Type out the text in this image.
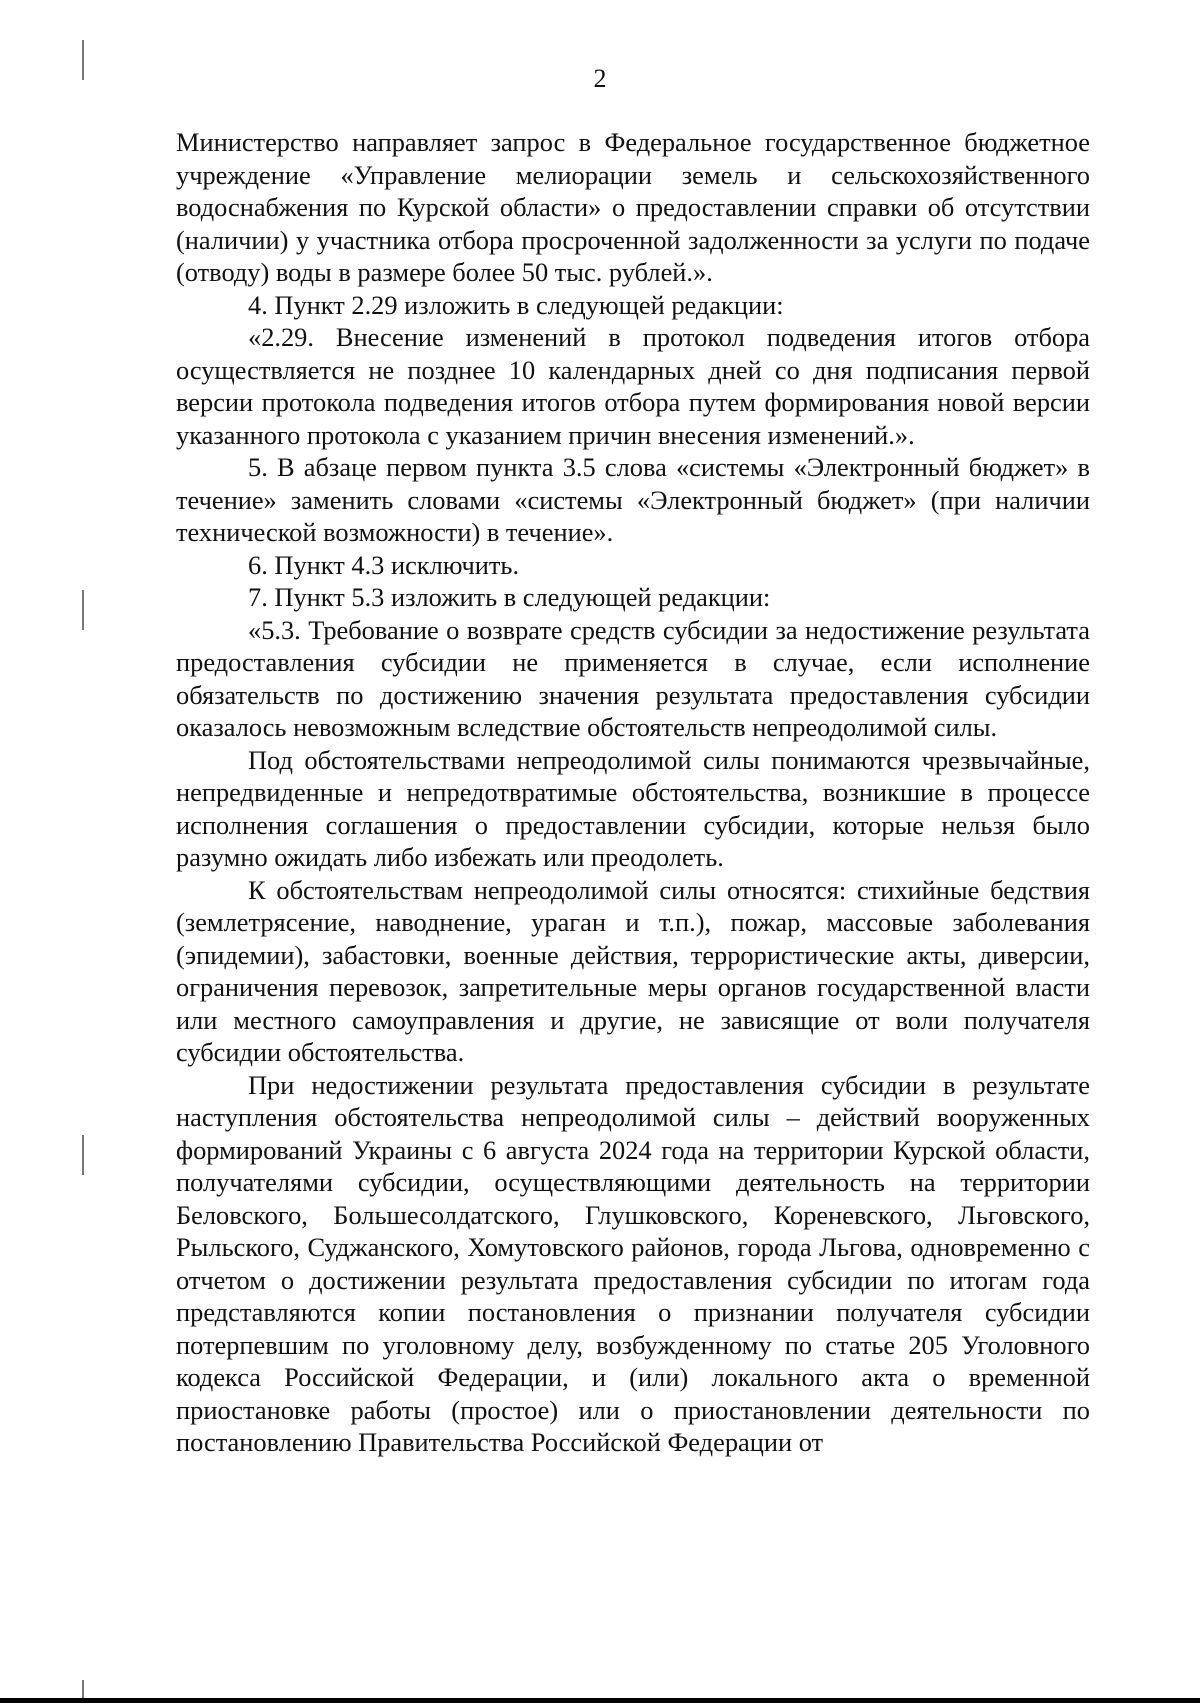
2

Министерство направляет запрос в Федеральное государственное бюджетное учреждение «Управление мелиорации земель и сельскохозяйственного водоснабжения по Курской области» о предоставлении справки об отсутствии (наличии) у участника отбора просроченной задолженности за услуги по подаче (отводу) воды в размере более 50 тыс. рублей.».

4. Пункт 2.29 изложить в следующей редакции:

«2.29. Внесение изменений в протокол подведения итогов отбора осуществляется не позднее 10 календарных дней со дня подписания первой версии протокола подведения итогов отбора путем формирования новой версии указанного протокола с указанием причин внесения изменений.».

5. В абзаце первом пункта 3.5 слова «системы «Электронный бюджет» в течение» заменить словами «системы «Электронный бюджет» (при наличии технической возможности) в течение».

6. Пункт 4.3 исключить.

7. Пункт 5.3 изложить в следующей редакции:

«5.3. Требование о возврате средств субсидии за недостижение результата предоставления субсидии не применяется в случае, если исполнение обязательств по достижению значения результата предоставления субсидии оказалось невозможным вследствие обстоятельств непреодолимой силы.

Под обстоятельствами непреодолимой силы понимаются чрезвычайные, непредвиденные и непредотвратимые обстоятельства, возникшие в процессе исполнения соглашения о предоставлении субсидии, которые нельзя было разумно ожидать либо избежать или преодолеть.

К обстоятельствам непреодолимой силы относятся: стихийные бедствия (землетрясение, наводнение, ураган и т.п.), пожар, массовые заболевания (эпидемии), забастовки, военные действия, террористические акты, диверсии, ограничения перевозок, запретительные меры органов государственной власти или местного самоуправления и другие, не зависящие от воли получателя субсидии обстоятельства.

При недостижении результата предоставления субсидии в результате наступления обстоятельства непреодолимой силы – действий вооруженных формирований Украины с 6 августа 2024 года на территории Курской области, получателями субсидии, осуществляющими деятельность на территории Беловского, Большесолдатского, Глушковского, Кореневского, Льговского, Рыльского, Суджанского, Хомутовского районов, города Льгова, одновременно с отчетом о достижении результата предоставления субсидии по итогам года представляются копии постановления о признании получателя субсидии потерпевшим по уголовному делу, возбужденному по статье 205 Уголовного кодекса Российской Федерации, и (или) локального акта о временной приостановке работы (простое) или о приостановлении деятельности по постановлению Правительства Российской Федерации от
